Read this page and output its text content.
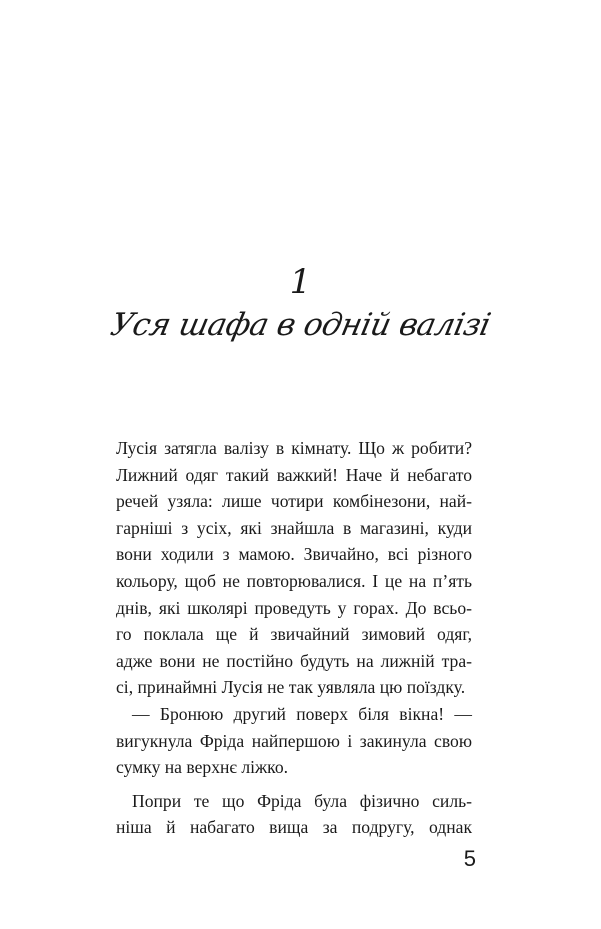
1
Уся шафа в одній валізі
Лусія затягла валізу в кімнату. Що ж робити?
Лижний одяг такий важкий! Наче й небагато
речей узяла: лише чотири комбінезони, най-
гарніші з усіх, які знайшла в магазині, куди
вони ходили з мамою. Звичайно, всі різного
кольору, щоб не повторювалися. І це на п’ять
днів, які школярі проведуть у горах. До всьо-
го поклала ще й звичайний зимовий одяг,
адже вони не постійно будуть на лижній тра-
сі, принаймні Лусія не так уявляла цю поїздку.
— Бронюю другий поверх біля вікна! —
вигукнула Фріда найпершою і закинула свою
сумку на верхнє ліжко.
Попри те що Фріда була фізично силь-
ніша й набагато вища за подругу, однак
5
